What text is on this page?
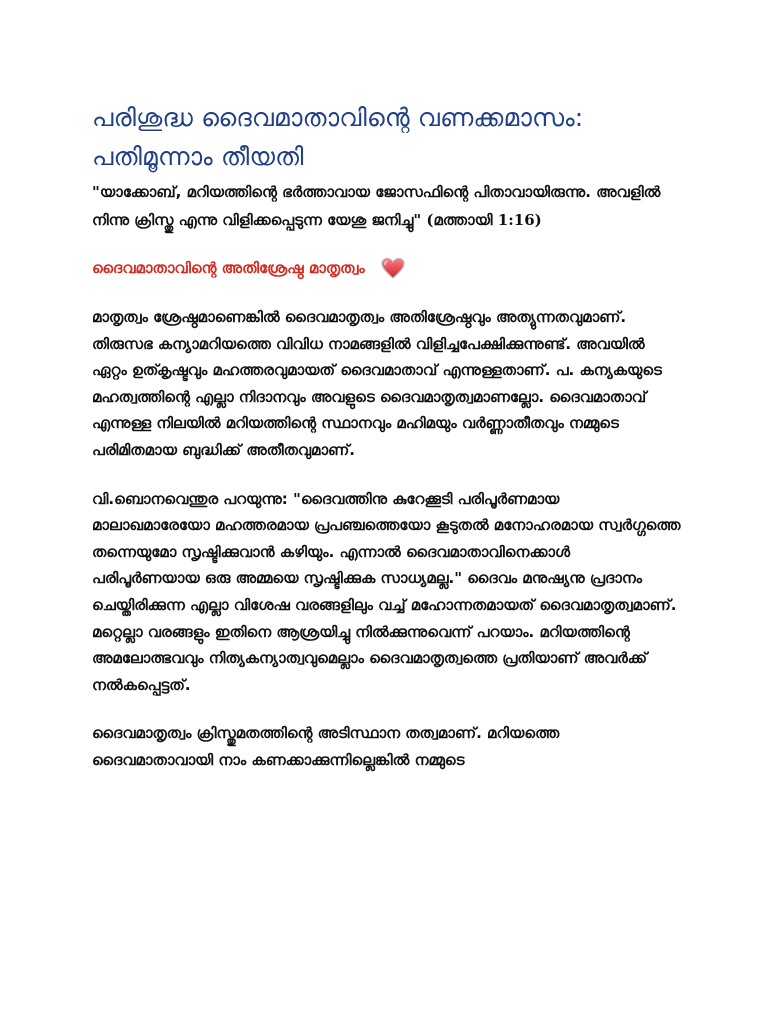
പരിശുദ്ധ ദൈവമാതാവിന്റെ വണക്കമാസം: പതിമൂന്നാം തീയതി

"യാക്കോബ്, മറിയത്തിന്റെ ഭർത്താവായ ജോസഫിന്റെ പിതാവായിരുന്നു. അവളിൽ നിന്നു ക്രിസ്തു എന്നു വിളിക്കപ്പെടുന്ന യേശു ജനിച്ചു" (മത്തായി 1:16)

ദൈവമാതാവിന്റെ അതിശ്രേഷ്ഠ മാതൃത്വം

മാതൃത്വം ശ്രേഷ്ഠമാണെങ്കിൽ ദൈവമാതൃത്വം അതിശ്രേഷ്ഠവും അത്യുന്നതവുമാണ്. തിരുസഭ കന്യാമറിയത്തെ വിവിധ നാമങ്ങളിൽ വിളിച്ചപേക്ഷിക്കുന്നുണ്ട്. അവയിൽ ഏറ്റം ഉത്കൃഷ്ടവും മഹത്തരവുമായത് ദൈവമാതാവ് എന്നുള്ളതാണ്. പ. കന്യകയുടെ മഹത്വത്തിന്റെ എല്ലാ നിദാനവും അവളുടെ ദൈവമാതൃത്വമാണല്ലോ. ദൈവമാതാവ് എന്നുള്ള നിലയിൽ മറിയത്തിന്റെ സ്ഥാനവും മഹിമയും വർണ്ണാതീതവും നമ്മുടെ പരിമിതമായ ബുദ്ധിക്ക് അതീതവുമാണ്.

വി.ബൊനവെന്തുര പറയുന്നു: "ദൈവത്തിനു കുറേക്കൂടി പരിപൂർണമായ മാലാഖമാരേയോ മഹത്തരമായ പ്രപഞ്ചത്തെയോ കൂടുതൽ മനോഹരമായ സ്വർഗ്ഗത്തെ തന്നെയുമോ സൃഷ്ടിക്കുവാൻ കഴിയും. എന്നാൽ ദൈവമാതാവിനെക്കാൾ പരിപൂർണയായ ഒരു അമ്മയെ സൃഷ്ടിക്കുക സാധ്യമല്ല." ദൈവം മനുഷ്യനു പ്രദാനം ചെയ്തിരിക്കുന്ന എല്ലാ വിശേഷ വരങ്ങളിലും വച്ച് മഹോന്നതമായത് ദൈവമാതൃത്വമാണ്. മറ്റെല്ലാ വരങ്ങളും ഇതിനെ ആശ്രയിച്ചു നിൽക്കുന്നുവെന്ന് പറയാം. മറിയത്തിന്റെ അമലോത്ഭവവും നിത്യകന്യാത്വവുമെല്ലാം ദൈവമാതൃത്വത്തെ പ്രതിയാണ് അവർക്ക് നൽകപ്പെട്ടത്.

ദൈവമാതൃത്വം ക്രിസ്തുമതത്തിന്റെ അടിസ്ഥാന തത്വമാണ്. മറിയത്തെ ദൈവമാതാവായി നാം കണക്കാക്കുന്നില്ലെങ്കിൽ നമ്മുടെ
